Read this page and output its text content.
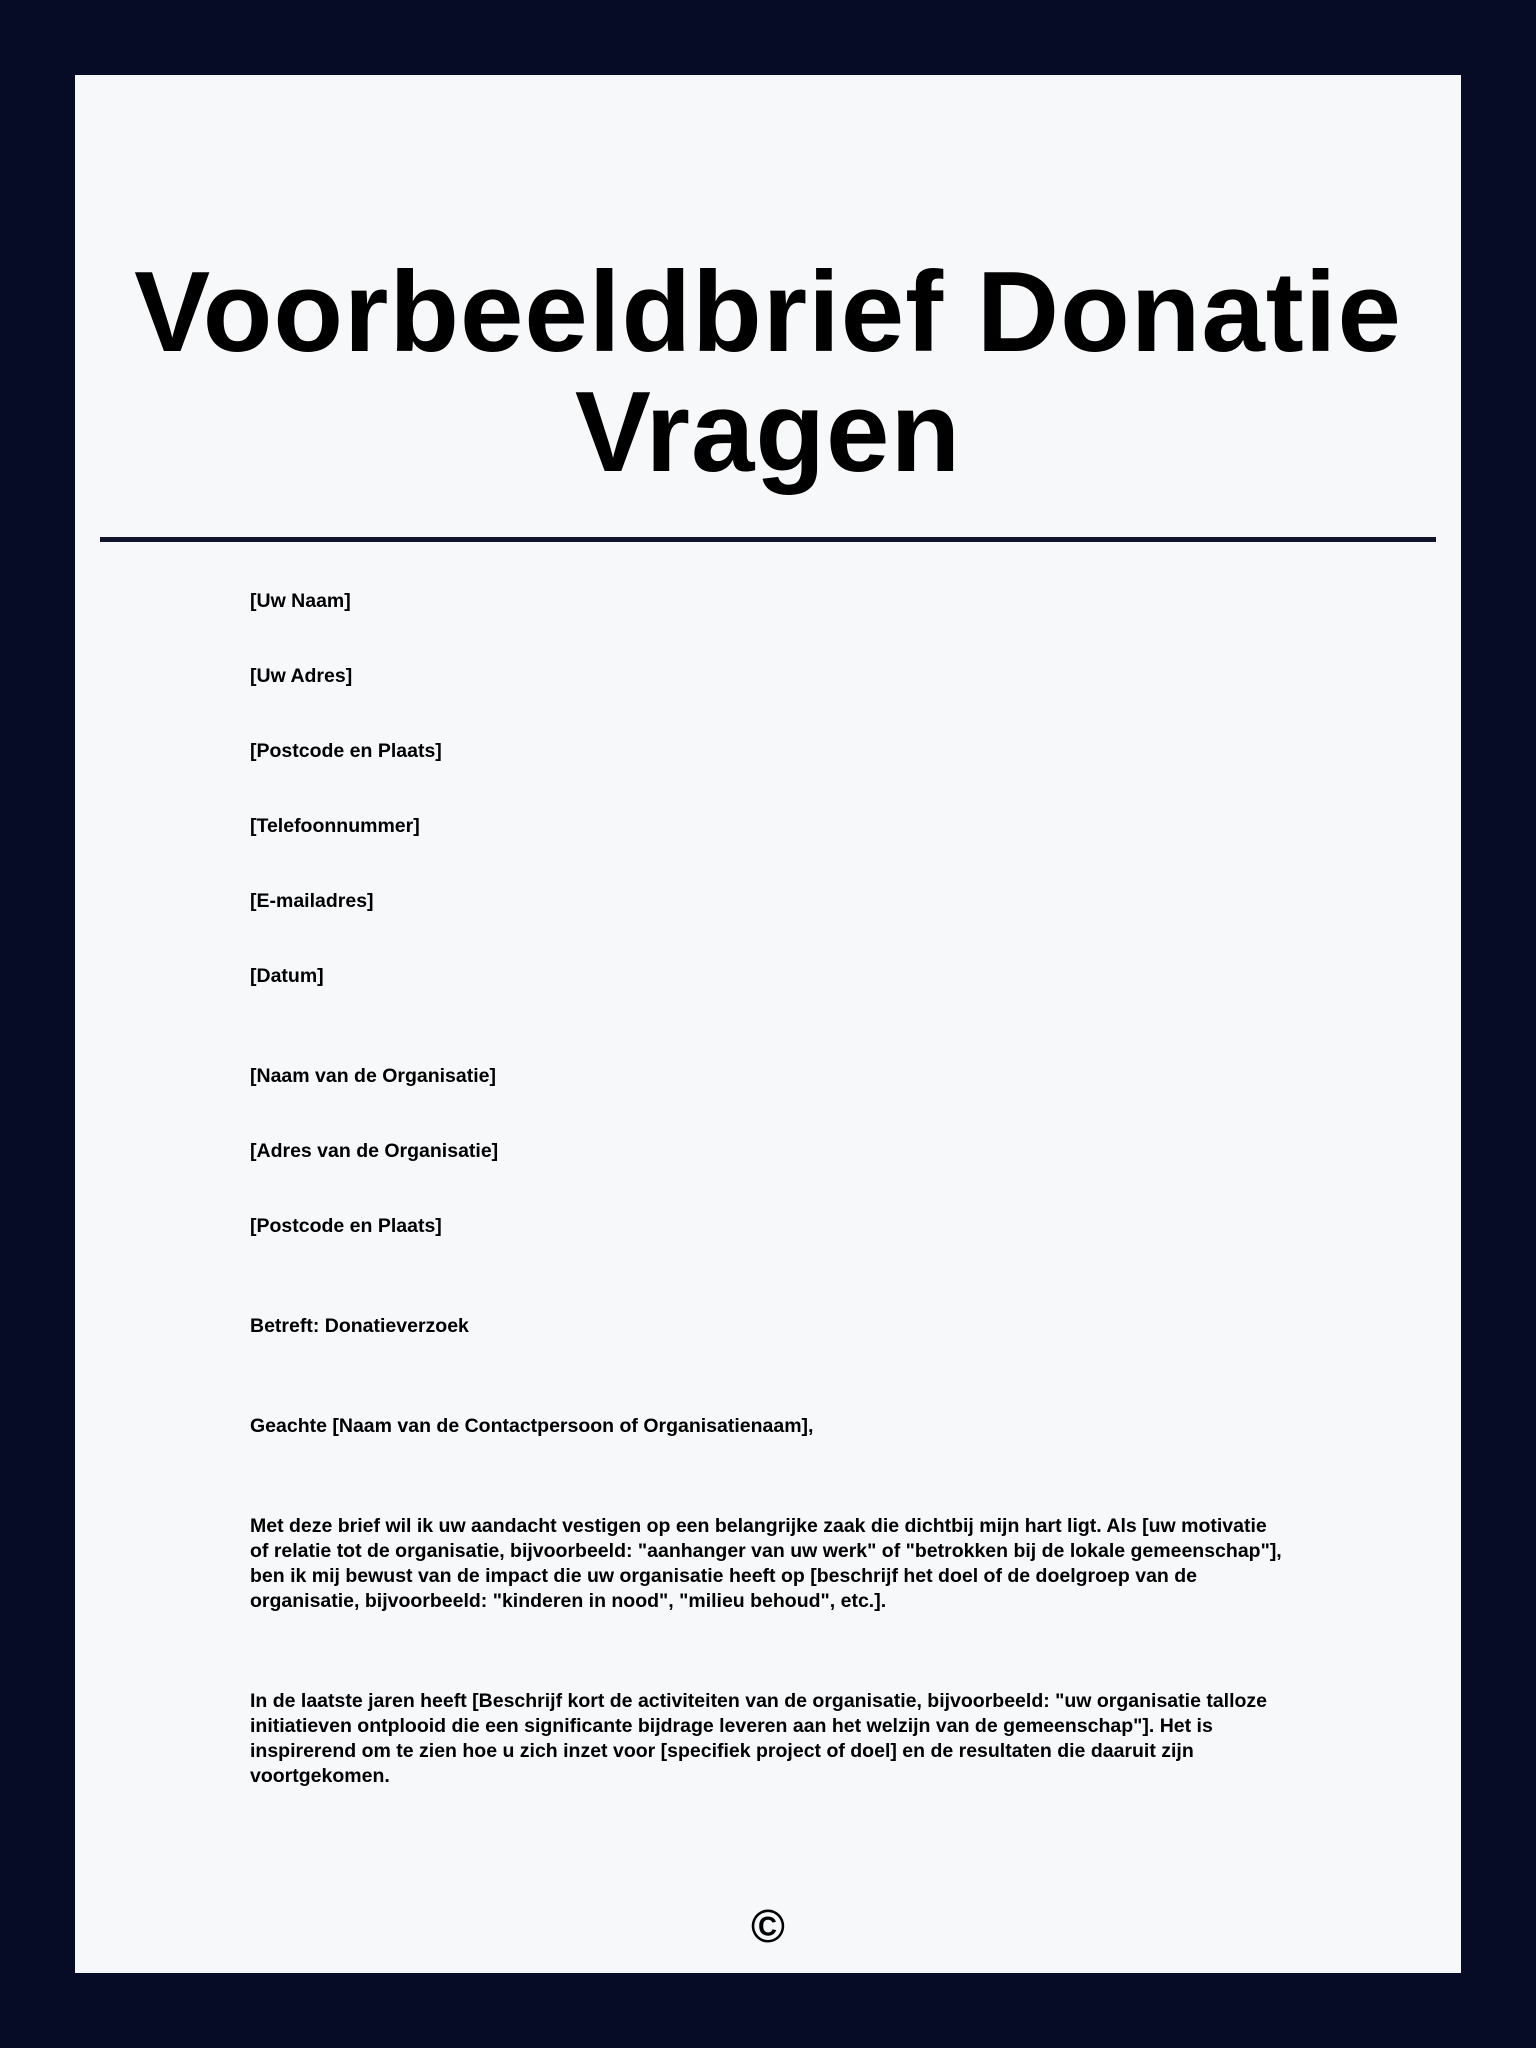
Voorbeeldbrief Donatie
Vragen
[Uw Naam]
[Uw Adres]
[Postcode en Plaats]
[Telefoonnummer]
[E-mailadres]
[Datum]
[Naam van de Organisatie]
[Adres van de Organisatie]
[Postcode en Plaats]
Betreft: Donatieverzoek
Geachte [Naam van de Contactpersoon of Organisatienaam],
Met deze brief wil ik uw aandacht vestigen op een belangrijke zaak die dichtbij mijn hart ligt. Als [uw motivatie of relatie tot de organisatie, bijvoorbeeld: "aanhanger van uw werk" of "betrokken bij de lokale gemeenschap"], ben ik mij bewust van de impact die uw organisatie heeft op [beschrijf het doel of de doelgroep van de organisatie, bijvoorbeeld: "kinderen in nood", "milieu behoud", etc.].
In de laatste jaren heeft [Beschrijf kort de activiteiten van de organisatie, bijvoorbeeld: "uw organisatie talloze initiatieven ontplooid die een significante bijdrage leveren aan het welzijn van de gemeenschap"]. Het is inspirerend om te zien hoe u zich inzet voor [specifiek project of doel] en de resultaten die daaruit zijn voortgekomen.
©
